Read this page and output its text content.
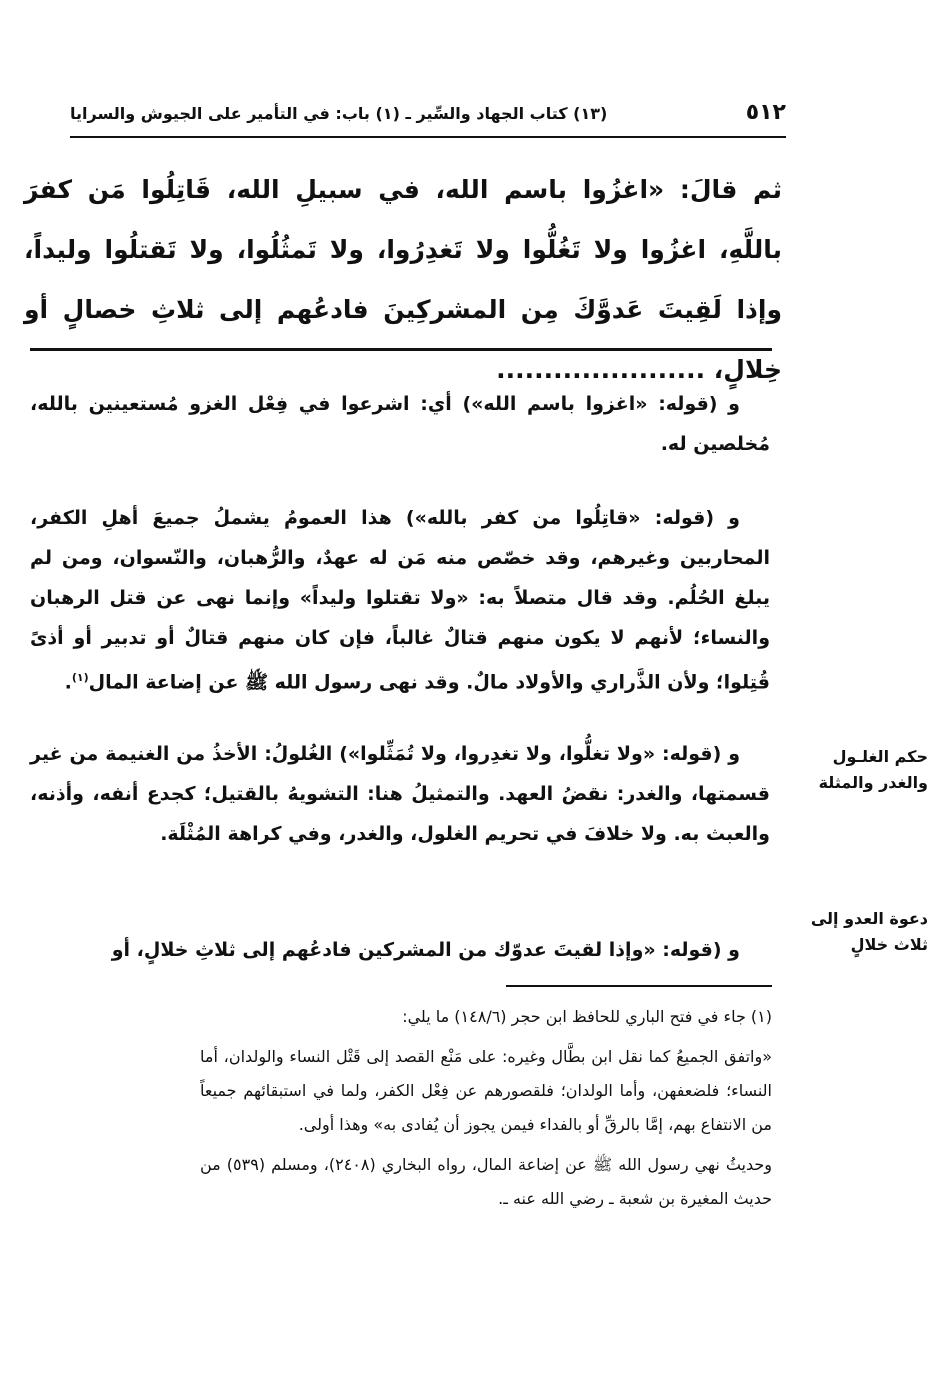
٥١٢
(١٣) كتاب الجهاد والسِّير ـ (١) باب: في التأمير على الجيوش والسرايا
ثم قالَ: «اغزُوا باسم الله، في سبيلِ الله، قَاتِلُوا مَن كفرَ باللَّهِ، اغزُوا ولا تَغُلُّوا ولا تَغدِرُوا، ولا تَمثُلُوا، ولا تَقتلُوا وليداً، وإذا لَقِيتَ عَدوَّكَ مِن المشركِينَ فادعُهم إلى ثلاثِ خصالٍ أو خِلالٍ، ......................
و (قوله: «اغزوا باسم الله») أي: اشرعوا في فِعْل الغزو مُستعينين بالله، مُخلصين له.
و (قوله: «قاتِلُوا من كفر بالله») هذا العمومُ يشملُ جميعَ أهلِ الكفر، المحاربين وغيرهم، وقد خصّص منه مَن له عهدٌ، والرُّهبان، والنّسوان، ومن لم يبلغ الحُلُم. وقد قال متصلاً به: «ولا تقتلوا وليداً» وإنما نهى عن قتل الرهبان والنساء؛ لأنهم لا يكون منهم قتالٌ غالباً، فإن كان منهم قتالٌ أو تدبير أو أذىً قُتِلوا؛ ولأن الذَّراري والأولاد مالٌ. وقد نهى رسول الله ﷺ عن إضاعة المال$^{(١)}$.
و (قوله: «ولا تغلُّوا، ولا تغدِروا، ولا تُمَثِّلوا») الغُلولُ: الأخذُ من الغنيمة من غير قسمتها، والغدر: نقضُ العهد. والتمثيلُ هنا: التشويهُ بالقتيل؛ كجدع أنفه، وأذنه، والعبث به. ولا خلافَ في تحريم الغلول، والغدر، وفي كراهة المُثْلَة.
و (قوله: «وإذا لقيتَ عدوّك من المشركين فادعُهم إلى ثلاثِ خلالٍ، أو
حكم الغلـول
والغدر والمثلة
دعوة العدو إلى
ثلاث خلالٍ

(١) جاء في فتح الباري للحافظ ابن حجر (١٤٨/٦) ما يلي:

«واتفق الجميعُ كما نقل ابن بطَّال وغيره: على مَنْع القصد إلى قَتْل النساء والولدان، أما النساء؛ فلضعفهن، وأما الولدان؛ فلقصورهم عن فِعْل الكفر، ولما في استبقائهم جميعاً من الانتفاع بهم، إمَّا بالرقِّ أو بالفداء فيمن يجوز أن يُفادى به» وهذا أولى.

وحديثُ نهي رسول الله ﷺ عن إضاعة المال، رواه البخاري (٢٤٠٨)، ومسلم (٥٣٩) من حديث المغيرة بن شعبة ـ رضي الله عنه ـ.
